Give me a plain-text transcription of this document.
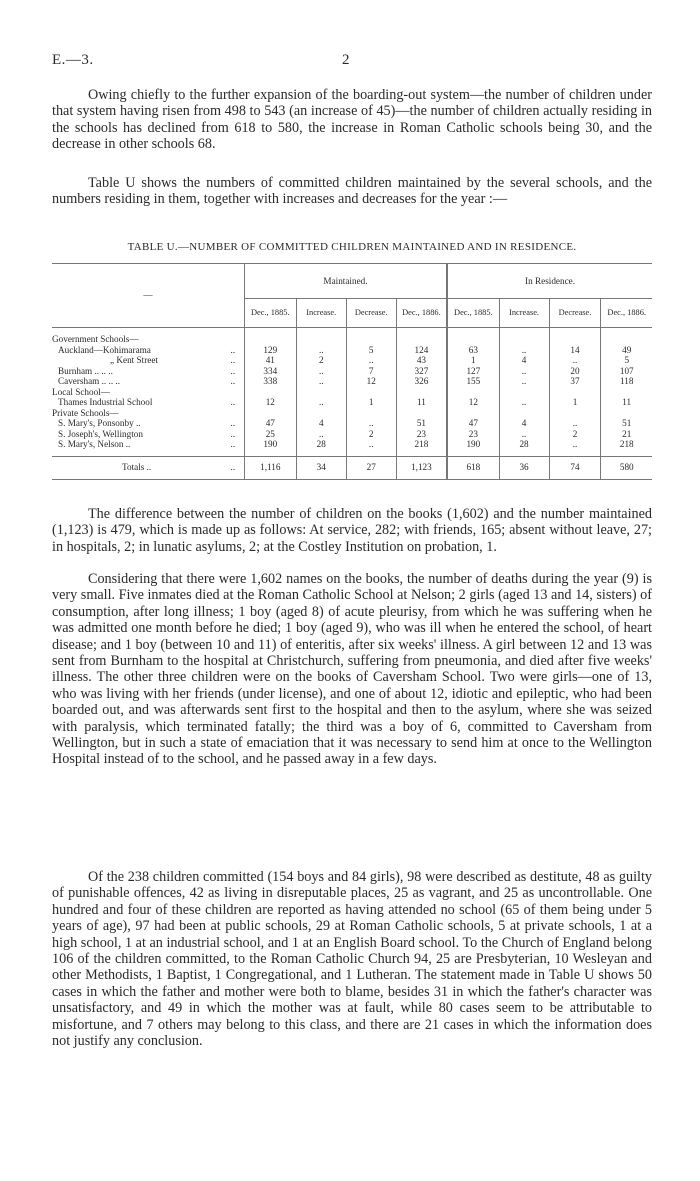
E.—3.	2

Owing chiefly to the further expansion of the boarding-out system—the number of children under that system having risen from 498 to 543 (an increase of 45)—the number of children actually residing in the schools has declined from 618 to 580, the increase in Roman Catholic schools being 30, and the decrease in other schools 68.

Table U shows the numbers of committed children maintained by the several schools, and the numbers residing in them, together with increases and decreases for the year :—

TABLE U.—NUMBER OF COMMITTED CHILDREN MAINTAINED AND IN RESIDENCE.
—		Maintained.				In Residence.			
		Dec., 1885.	Increase.	Decrease.	Dec., 1886.	Dec., 1885.	Increase.	Decrease.	Dec., 1886.

Government Schools—									
Auckland—Kohimarama	..	129	..	5	124	63	..	14	49
„ Kent Street	..	41	2	..	43	1	4	..	5
Burnham .. .. ..	..	334	..	7	327	127	..	20	107
Caversham .. .. ..	..	338	..	12	326	155	..	37	118
Local School—									
Thames Industrial School	..	12	..	1	11	12	..	1	11
Private Schools—									
S. Mary's, Ponsonby ..	..	47	4	..	51	47	4	..	51
S. Joseph's, Wellington	..	25	..	2	23	23	..	2	21
S. Mary's, Nelson ..	..	190	28	..	218	190	28	..	218

Totals ..	..	1,116	34	27	1,123	618	36	74	580

The difference between the number of children on the books (1,602) and the number maintained (1,123) is 479, which is made up as follows: At service, 282; with friends, 165; absent without leave, 27; in hospitals, 2; in lunatic asylums, 2; at the Costley Institution on probation, 1.

Considering that there were 1,602 names on the books, the number of deaths during the year (9) is very small. Five inmates died at the Roman Catholic School at Nelson; 2 girls (aged 13 and 14, sisters) of consumption, after long illness; 1 boy (aged 8) of acute pleurisy, from which he was suffering when he was admitted one month before he died; 1 boy (aged 9), who was ill when he entered the school, of heart disease; and 1 boy (between 10 and 11) of enteritis, after six weeks' illness. A girl between 12 and 13 was sent from Burnham to the hospital at Christchurch, suffering from pneumonia, and died after five weeks' illness. The other three children were on the books of Caversham School. Two were girls—one of 13, who was living with her friends (under license), and one of about 12, idiotic and epileptic, who had been boarded out, and was afterwards sent first to the hospital and then to the asylum, where she was seized with paralysis, which terminated fatally; the third was a boy of 6, committed to Caversham from Wellington, but in such a state of emaciation that it was necessary to send him at once to the Wellington Hospital instead of to the school, and he passed away in a few days.

Of the 238 children committed (154 boys and 84 girls), 98 were described as destitute, 48 as guilty of punishable offences, 42 as living in disreputable places, 25 as vagrant, and 25 as uncontrollable. One hundred and four of these children are reported as having attended no school (65 of them being under 5 years of age), 97 had been at public schools, 29 at Roman Catholic schools, 5 at private schools, 1 at a high school, 1 at an industrial school, and 1 at an English Board school. To the Church of England belong 106 of the children committed, to the Roman Catholic Church 94, 25 are Presbyterian, 10 Wesleyan and other Methodists, 1 Baptist, 1 Congregational, and 1 Lutheran. The statement made in Table U shows 50 cases in which the father and mother were both to blame, besides 31 in which the father's character was unsatisfactory, and 49 in which the mother was at fault, while 80 cases seem to be attributable to misfortune, and 7 others may belong to this class, and there are 21 cases in which the information does not justify any conclusion.
